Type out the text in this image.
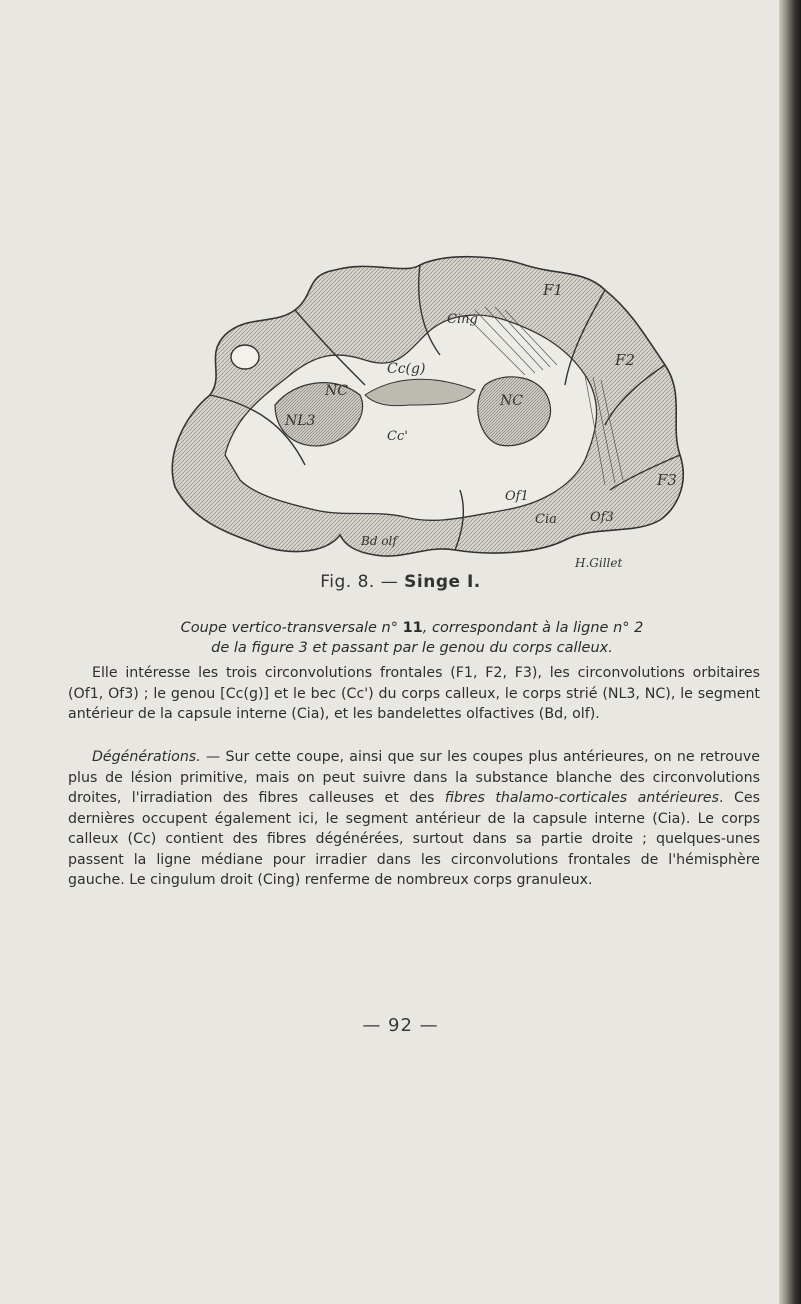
Cing
F1
F2
F3
Cc(g)
NC
NC
NL3
Cc'
Of1
Cia	Of3
Bd olf
H.Gillet
Fig. 8. — Singe I.
Coupe vertico-transversale n° 11, correspondant à la ligne n° 2
de la figure 3 et passant par le genou du corps calleux.

Elle intéresse les trois circonvolutions frontales (F1, F2, F3), les circonvolutions orbitaires (Of1, Of3) ; le genou [Cc(g)] et le bec (Cc') du corps calleux, le corps strié (NL3, NC), le segment antérieur de la capsule interne (Cia), et les bandelettes olfactives (Bd, olf).

Dégénérations. — Sur cette coupe, ainsi que sur les coupes plus antérieures, on ne retrouve plus de lésion primitive, mais on peut suivre dans la substance blanche des circonvolutions droites, l'irradiation des fibres calleuses et des fibres thalamo-corticales antérieures. Ces dernières occupent également ici, le segment antérieur de la capsule interne (Cia). Le corps calleux (Cc) contient des fibres dégénérées, surtout dans sa partie droite ; quelques-unes passent la ligne médiane pour irradier dans les circonvolutions frontales de l'hémisphère gauche. Le cingulum droit (Cing) renferme de nombreux corps granuleux.

— 92 —
